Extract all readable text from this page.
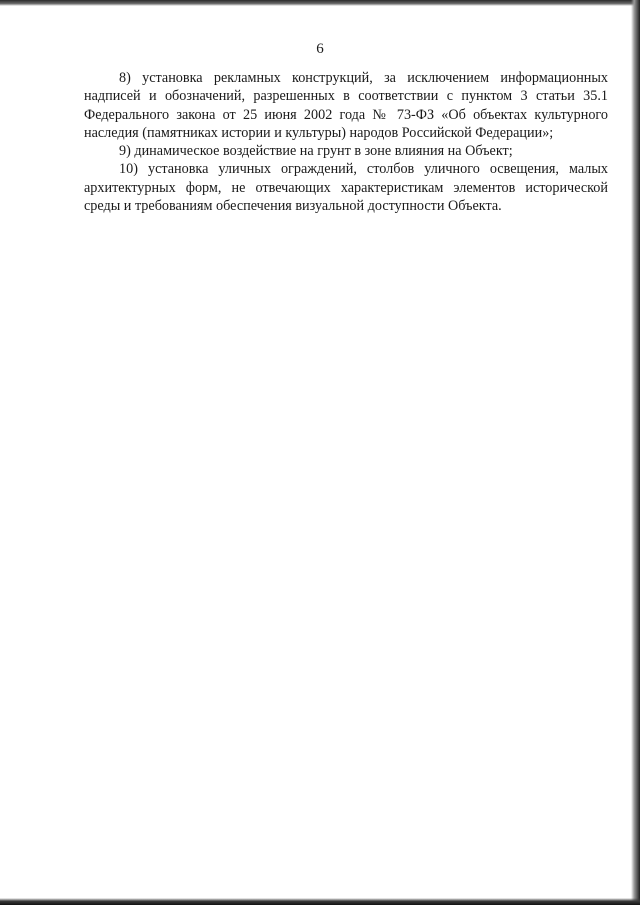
6

8) установка рекламных конструкций, за исключением информационных надписей и обозначений, разрешенных в соответствии с пунктом 3 статьи 35.1 Федерального закона от 25 июня 2002 года № 73-ФЗ «Об объектах культурного наследия (памятниках истории и культуры) народов Российской Федерации»;

9) динамическое воздействие на грунт в зоне влияния на Объект;

10) установка уличных ограждений, столбов уличного освещения, малых архитектурных форм, не отвечающих характеристикам элементов исторической среды и требованиям обеспечения визуальной доступности Объекта.
